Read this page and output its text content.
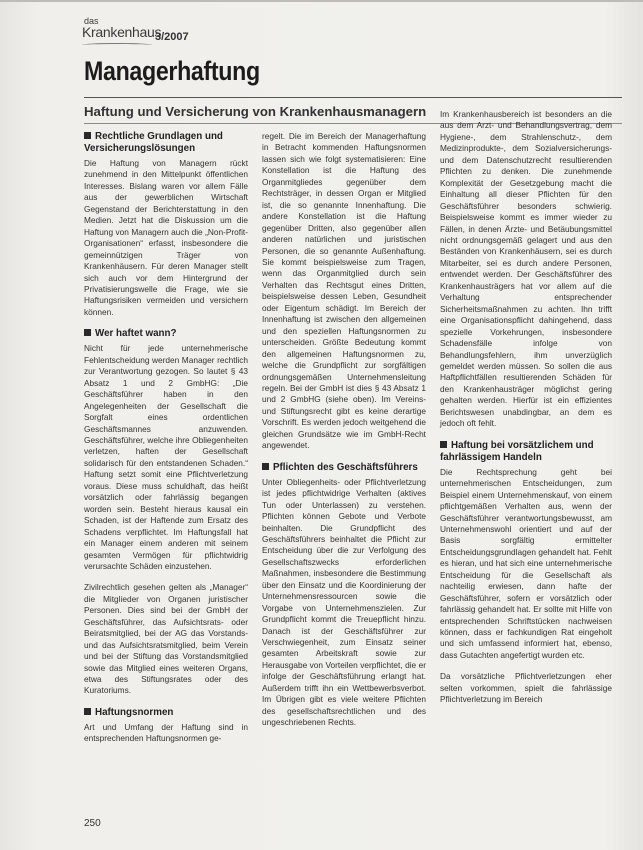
das
Krankenhaus
3/2007
Managerhaftung
Haftung und Versicherung von Krankenhausmanagern
Rechtliche Grundlagen und Versicherungslösungen

Die Haftung von Managern rückt zunehmend in den Mittelpunkt öffentlichen Interesses. Bislang waren vor allem Fälle aus der gewerblichen Wirtschaft Gegenstand der Berichterstattung in den Medien. Jetzt hat die Diskussion um die Haftung von Managern auch die „Non-Profit-Organisationen“ erfasst, insbesondere die gemeinnützigen Träger von Krankenhäusern. Für deren Manager stellt sich auch vor dem Hintergrund der Privatisierungswelle die Frage, wie sie Haftungsrisiken vermeiden und versichern können.

Wer haftet wann?

Nicht für jede unternehmerische Fehlentscheidung werden Manager rechtlich zur Verantwortung gezogen. So lautet § 43 Absatz 1 und 2 GmbHG: „Die Geschäftsführer haben in den Angelegenheiten der Gesellschaft die Sorgfalt eines ordentlichen Geschäftsmannes anzuwenden. Geschäftsführer, welche ihre Obliegenheiten verletzen, haften der Gesellschaft solidarisch für den entstandenen Schaden.“ Haftung setzt somit eine Pflichtverletzung voraus. Diese muss schuldhaft, das heißt vorsätzlich oder fahrlässig begangen worden sein. Besteht hieraus kausal ein Schaden, ist der Haftende zum Ersatz des Schadens verpflichtet. Im Haftungsfall hat ein Manager einem anderen mit seinem gesamten Vermögen für pflichtwidrig verursachte Schäden einzustehen.

Zivilrechtlich gesehen gelten als „Manager“ die Mitglieder von Organen juristischer Personen. Dies sind bei der GmbH der Geschäftsführer, das Aufsichtsrats- oder Beiratsmitglied, bei der AG das Vorstands- und das Aufsichtsratsmitglied, beim Verein und bei der Stiftung das Vorstandsmitglied sowie das Mitglied eines weiteren Organs, etwa des Stiftungsrates oder des Kuratoriums.

Haftungsnormen

Art und Umfang der Haftung sind in entsprechenden Haftungsnormen ge-

regelt. Die im Bereich der Managerhaftung in Betracht kommenden Haftungsnormen lassen sich wie folgt systematisieren: Eine Konstellation ist die Haftung des Organmitgliedes gegenüber dem Rechtsträger, in dessen Organ er Mitglied ist, die so genannte Innenhaftung. Die andere Konstellation ist die Haftung gegenüber Dritten, also gegenüber allen anderen natürlichen und juristischen Personen, die so genannte Außenhaftung. Sie kommt beispielsweise zum Tragen, wenn das Organmitglied durch sein Verhalten das Rechtsgut eines Dritten, beispielsweise dessen Leben, Gesundheit oder Eigentum schädigt. Im Bereich der Innenhaftung ist zwischen den allgemeinen und den speziellen Haftungsnormen zu unterscheiden. Größte Bedeutung kommt den allgemeinen Haftungsnormen zu, welche die Grundpflicht zur sorgfältigen ordnungsgemäßen Unternehmensleitung regeln. Bei der GmbH ist dies § 43 Absatz 1 und 2 GmbHG (siehe oben). Im Vereins- und Stiftungsrecht gibt es keine derartige Vorschrift. Es werden jedoch weitgehend die gleichen Grundsätze wie im GmbH-Recht angewendet.

Pflichten des Geschäftsführers

Unter Obliegenheits- oder Pflichtverletzung ist jedes pflichtwidrige Verhalten (aktives Tun oder Unterlassen) zu verstehen. Pflichten können Gebote und Verbote beinhalten. Die Grundpflicht des Geschäftsführers beinhaltet die Pflicht zur Entscheidung über die zur Verfolgung des Gesellschaftszwecks erforderlichen Maßnahmen, insbesondere die Bestimmung über den Einsatz und die Koordinierung der Unternehmensressourcen sowie die Vorgabe von Unternehmenszielen. Zur Grundpflicht kommt die Treuepflicht hinzu. Danach ist der Geschäftsführer zur Verschwiegenheit, zum Einsatz seiner gesamten Arbeitskraft sowie zur Herausgabe von Vorteilen verpflichtet, die er infolge der Geschäftsführung erlangt hat. Außerdem trifft ihn ein Wettbewerbsverbot. Im Übrigen gibt es viele weitere Pflichten des gesellschaftsrechtlichen und des ungeschriebenen Rechts.

Im Krankenhausbereich ist besonders an die aus dem Arzt- und Behandlungsvertrag, dem Hygiene-, dem Strahlenschutz-, dem Medizinprodukte-, dem Sozialversicherungs- und dem Datenschutzrecht resultierenden Pflichten zu denken. Die zunehmende Komplexität der Gesetzgebung macht die Einhaltung all dieser Pflichten für den Geschäftsführer besonders schwierig. Beispielsweise kommt es immer wieder zu Fällen, in denen Ärzte- und Betäubungsmittel nicht ordnungsgemäß gelagert und aus den Beständen von Krankenhäusern, sei es durch Mitarbeiter, sei es durch andere Personen, entwendet werden. Der Geschäftsführer des Krankenhausträgers hat vor allem auf die Verhaltung entsprechender Sicherheitsmaßnahmen zu achten. Ihn trifft eine Organisationspflicht dahingehend, dass spezielle Vorkehrungen, insbesondere Schadensfälle infolge von Behandlungsfehlern, ihm unverzüglich gemeldet werden müssen. So sollen die aus Haftpflichtfällen resultierenden Schäden für den Krankenhausträger möglichst gering gehalten werden. Hierfür ist ein effizientes Berichtswesen unabdingbar, an dem es jedoch oft fehlt.

Haftung bei vorsätzlichem und fahrlässigem Handeln

Die Rechtsprechung geht bei unternehmerischen Entscheidungen, zum Beispiel einem Unternehmenskauf, von einem pflichtgemäßen Verhalten aus, wenn der Geschäftsführer verantwortungsbewusst, am Unternehmenswohl orientiert und auf der Basis sorgfältig ermittelter Entscheidungsgrundlagen gehandelt hat. Fehlt es hieran, und hat sich eine unternehmerische Entscheidung für die Gesellschaft als nachteilig erwiesen, dann hafte der Geschäftsführer, sofern er vorsätzlich oder fahrlässig gehandelt hat. Er sollte mit Hilfe von entsprechenden Schriftstücken nachweisen können, dass er fachkundigen Rat eingeholt und sich umfassend informiert hat, ebenso, dass Gutachten angefertigt wurden etc.

Da vorsätzliche Pflichtverletzungen eher selten vorkommen, spielt die fahrlässige Pflichtverletzung im Bereich

250
